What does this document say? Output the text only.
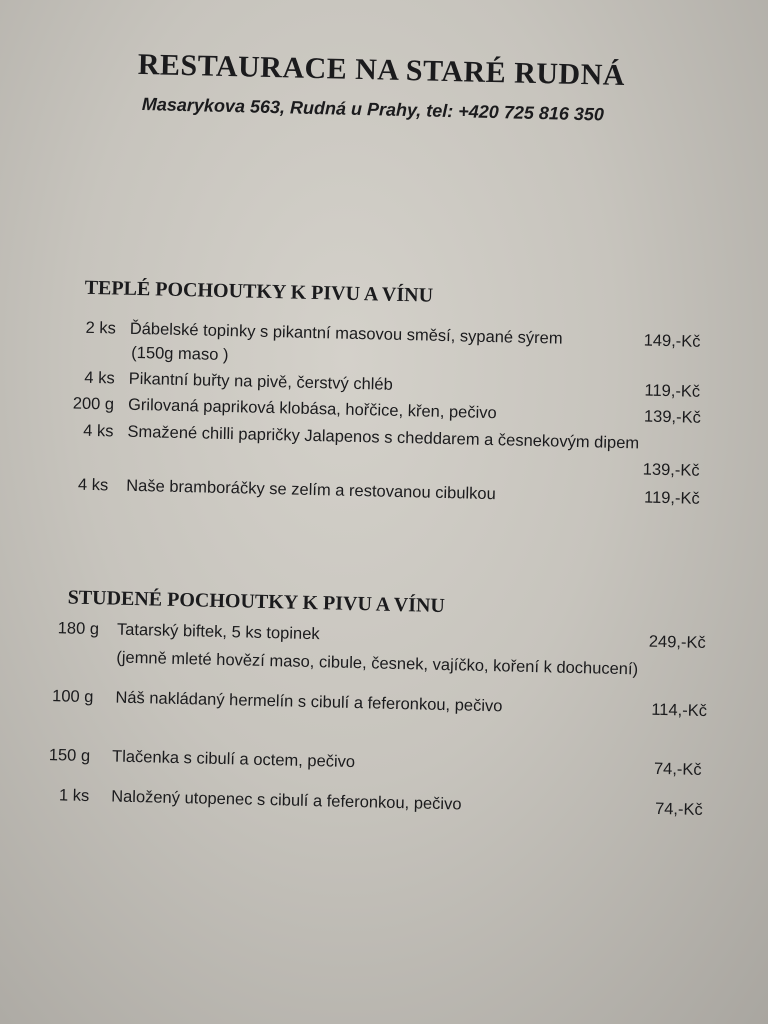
RESTAURACE NA STARÉ RUDNÁ
Masarykova 563, Rudná u Prahy, tel: +420 725 816 350
TEPLÉ POCHOUTKY K PIVU A VÍNU
2 ks Ďábelské topinky s pikantní masovou směsí, sypané sýrem
(150g maso )
149,-Kč
4 ks Pikantní buřty na pivě, čerstvý chléb	119,-Kč
200 g Grilovaná papriková klobása, hořčice, křen, pečivo	139,-Kč
4 ks Smažené chilli papričky Jalapenos s cheddarem a česnekovým dipem
139,-Kč
4 ks Naše bramboráčky se zelím a restovanou cibulkou	119,-Kč
STUDENÉ POCHOUTKY K PIVU A VÍNU
180 g Tatarský biftek, 5 ks topinek
(jemně mleté hovězí maso, cibule, česnek, vajíčko, koření k dochucení)
249,-Kč
100 g Náš nakládaný hermelín s cibulí a feferonkou, pečivo	114,-Kč
150 g Tlačenka s cibulí a octem, pečivo	74,-Kč
1 ks Naložený utopenec s cibulí a feferonkou, pečivo	74,-Kč
